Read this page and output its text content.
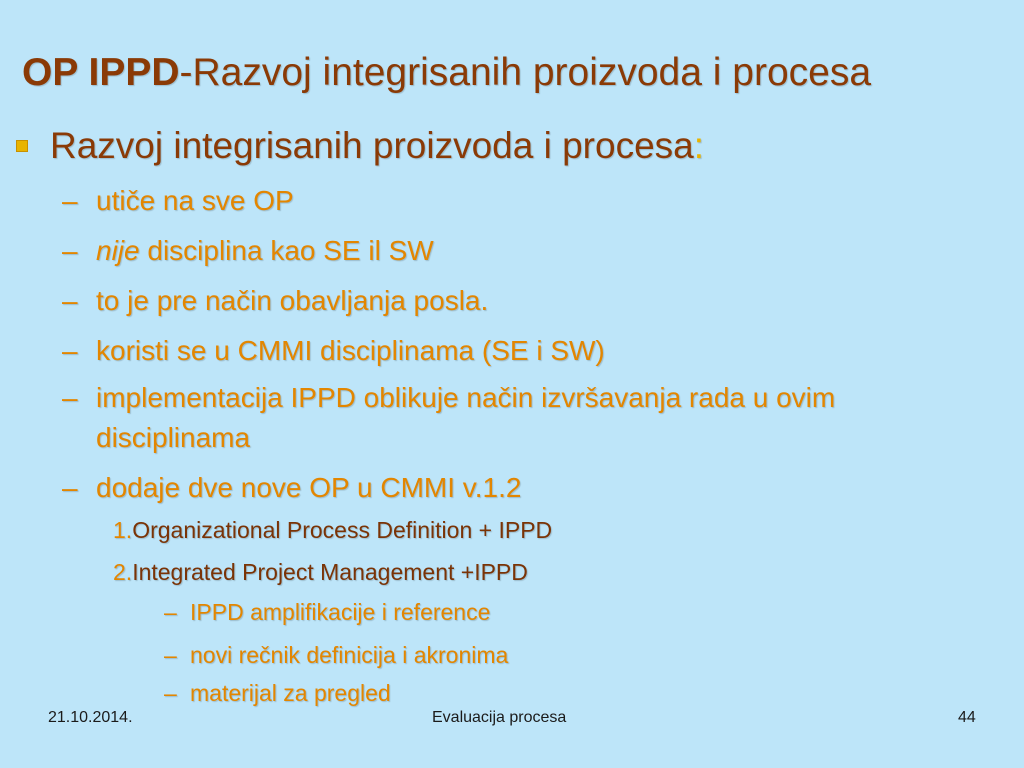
OP IPPD-Razvoj integrisanih proizvoda i procesa
Razvoj integrisanih proizvoda i procesa:
– utiče na sve OP
– nije disciplina kao SE il SW
– to je pre način obavljanja posla.
– koristi se u CMMI disciplinama (SE i SW)
– implementacija IPPD oblikuje način izvršavanja rada u ovim
disciplinama
– dodaje dve nove OP u CMMI v.1.2
1.Organizational Process Definition + IPPD
2.Integrated Project Management +IPPD
– IPPD amplifikacije i reference
– novi rečnik definicija i akronima
– materijal za pregled
21.10.2014.	Evaluacija procesa	44
